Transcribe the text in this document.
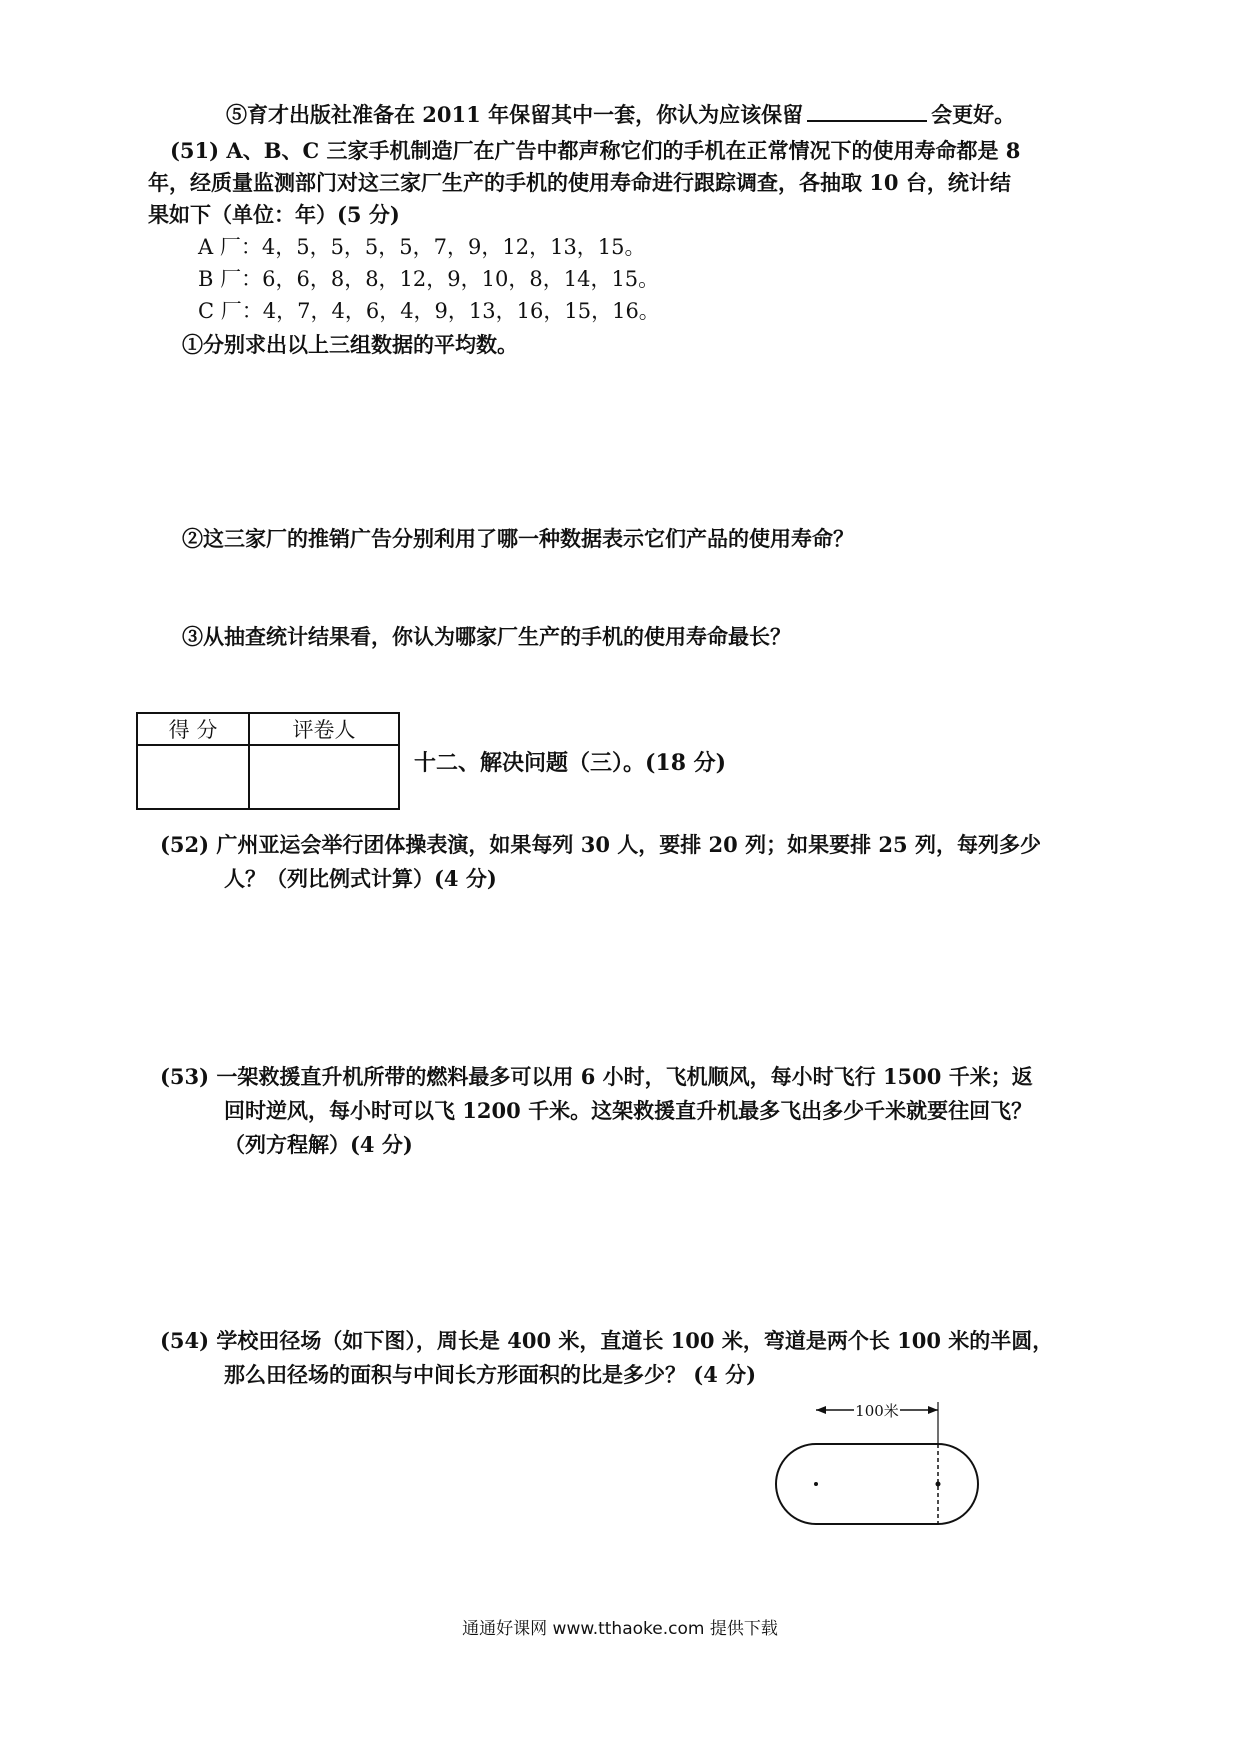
⑤育才出版社准备在 2011 年保留其中一套，你认为应该保留	会更好。
(51) A、B、C 三家手机制造厂在广告中都声称它们的手机在正常情况下的使用寿命都是 8
年，经质量监测部门对这三家厂生产的手机的使用寿命进行跟踪调查，各抽取 10 台，统计结
果如下（单位：年）(5 分)
A 厂：4，5，5，5，5，7，9，12，13，15。
B 厂：6，6，8，8，12，9，10，8，14，15。
C 厂：4，7，4，6，4，9，13，16，15，16。
①分别求出以上三组数据的平均数。
②这三家厂的推销广告分别利用了哪一种数据表示它们产品的使用寿命？
③从抽查统计结果看，你认为哪家厂生产的手机的使用寿命最长？
得 分	评卷人

十二、解决问题（三）。(18 分)
(52) 广州亚运会举行团体操表演，如果每列 30 人，要排 20 列；如果要排 25 列，每列多少
人？（列比例式计算）(4 分)
(53) 一架救援直升机所带的燃料最多可以用 6 小时，飞机顺风，每小时飞行 1500 千米；返
回时逆风，每小时可以飞 1200 千米。这架救援直升机最多飞出多少千米就要往回飞？
（列方程解）(4 分)
(54) 学校田径场（如下图），周长是 400 米，直道长 100 米，弯道是两个长 100 米的半圆，
那么田径场的面积与中间长方形面积的比是多少？ (4 分)
100米
通通好课网 www.tthaoke.com 提供下载
